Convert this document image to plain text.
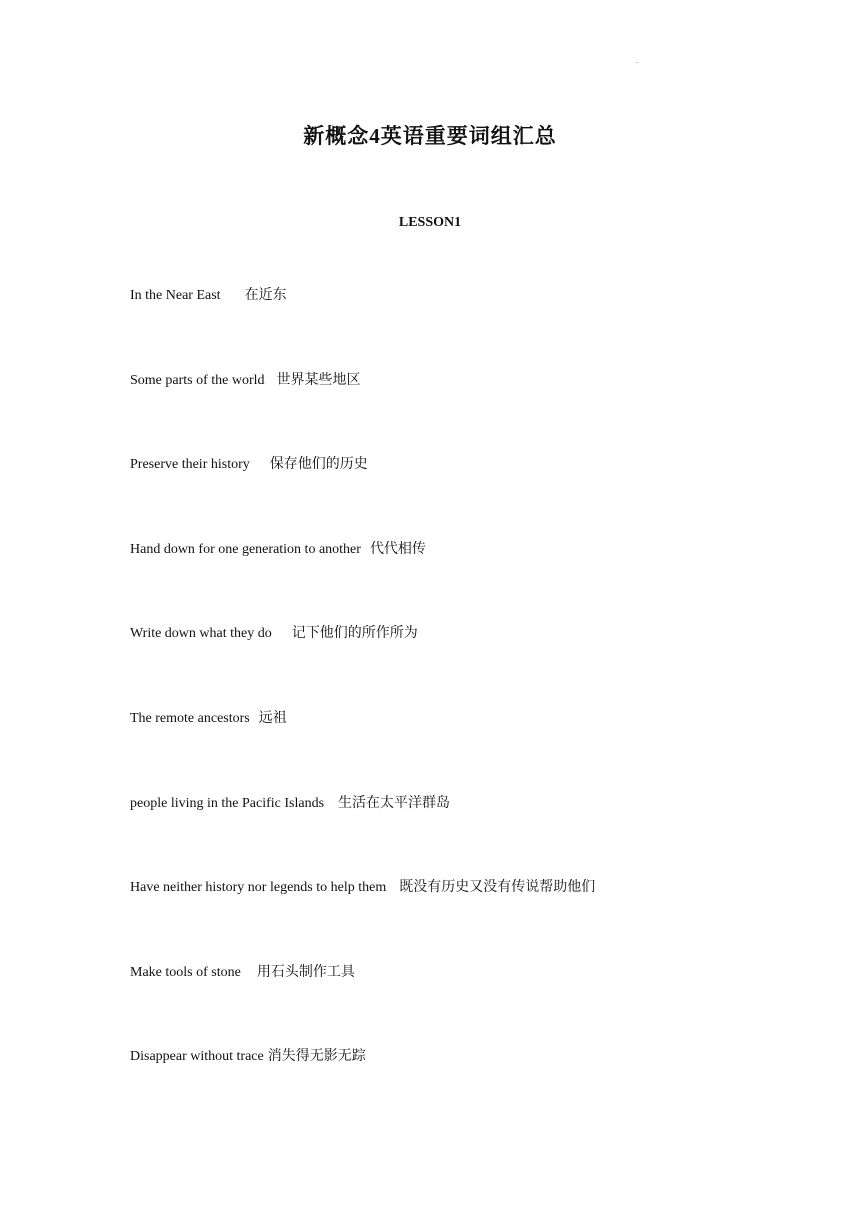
.
新概念4英语重要词组汇总
LESSON1
In the Near East 在近东
Some parts of the world 世界某些地区
Preserve their history 保存他们的历史
Hand down for one generation to another 代代相传
Write down what they do 记下他们的所作所为
The remote ancestors 远祖
people living in the Pacific Islands 生活在太平洋群岛
Have neither history nor legends to help them 既没有历史又没有传说帮助他们
Make tools of stone 用石头制作工具
Disappear without trace 消失得无影无踪
